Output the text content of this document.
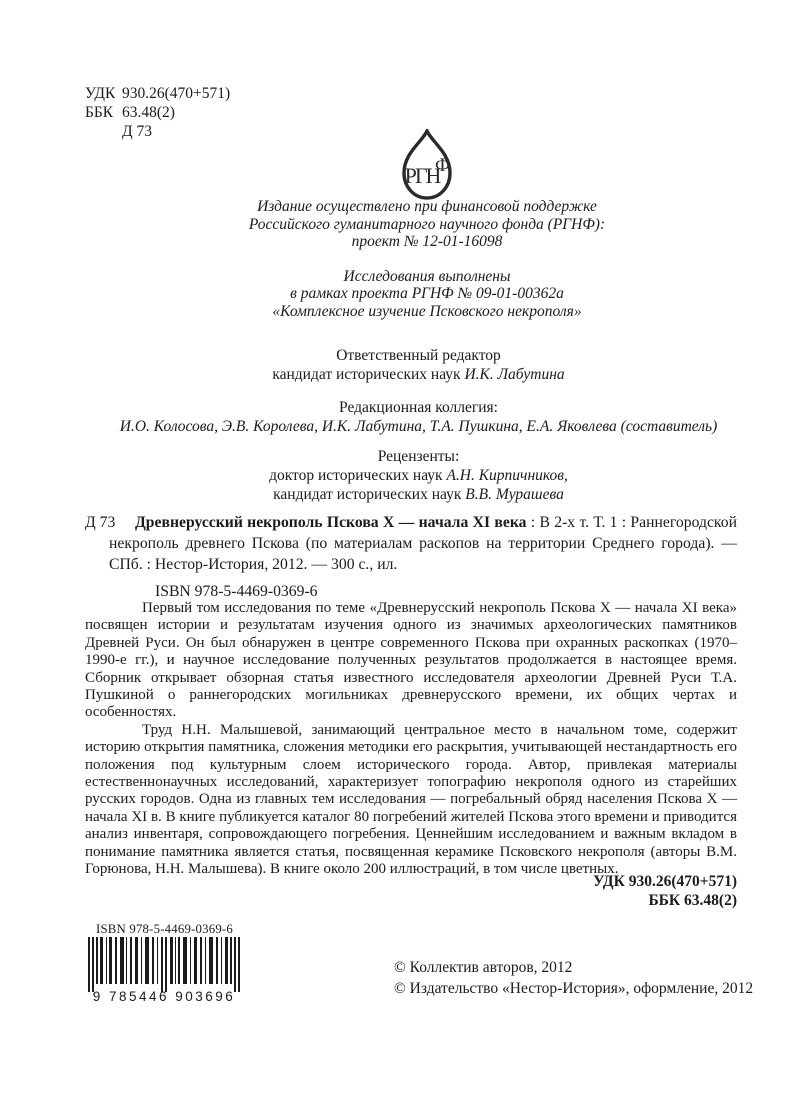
УДК 930.26(470+571)
ББК 63.48(2)
Д 73
РГН
Ф
Издание осуществлено при финансовой поддержке
Российского гуманитарного научного фонда (РГНФ):
проект № 12-01-16098
Исследования выполнены
в рамках проекта РГНФ № 09-01-00362а
«Комплексное изучение Псковского некрополя»
Ответственный редактор
кандидат исторических наук И.К. Лабутина
Редакционная коллегия:
И.О. Колосова, Э.В. Королева, И.К. Лабутина, Т.А. Пушкина, Е.А. Яковлева (составитель)
Рецензенты:
доктор исторических наук А.Н. Кирпичников,
кандидат исторических наук В.В. Мурашева
Д 73	Древнерусский некрополь Пскова X — начала XI века : В 2-х т. Т. 1 : Раннегородской некрополь древнего Пскова (по материалам раскопов на территории Среднего города). — СПб. : Нестор-История, 2012. — 300 с., ил.

ISBN 978-5-4469-0369-6

Первый том исследования по теме «Древнерусский некрополь Пскова X — начала XI века» посвящен истории и результатам изучения одного из значимых археологических памятников Древней Руси. Он был обнаружен в центре современного Пскова при охранных раскопках (1970–1990-е гг.), и научное исследование полученных результатов продолжается в настоящее время. Сборник открывает обзорная статья известного исследователя археологии Древней Руси Т.А. Пушкиной о раннегородских могильниках древнерусского времени, их общих чертах и особенностях.

Труд Н.Н. Малышевой, занимающий центральное место в начальном томе, содержит историю открытия памятника, сложения методики его раскрытия, учитывающей нестандартность его положения под культурным слоем исторического города. Автор, привлекая материалы естественнонаучных исследований, характеризует топографию некрополя одного из старейших русских городов. Одна из главных тем исследования — погребальный обряд населения Пскова X — начала XI в. В книге публикуется каталог 80 погребений жителей Пскова этого времени и приводится анализ инвентаря, сопровождающего погребения. Ценнейшим исследованием и важным вкладом в понимание памятника является статья, посвященная керамике Псковского некрополя (авторы В.М. Горюнова, Н.Н. Малышева). В книге около 200 иллюстраций, в том числе цветных.

УДК 930.26(470+571)
ББК 63.48(2)
ISBN 978-5-4469-0369-6
9 785446 903696
© Коллектив авторов, 2012
© Издательство «Нестор-История», оформление, 2012
